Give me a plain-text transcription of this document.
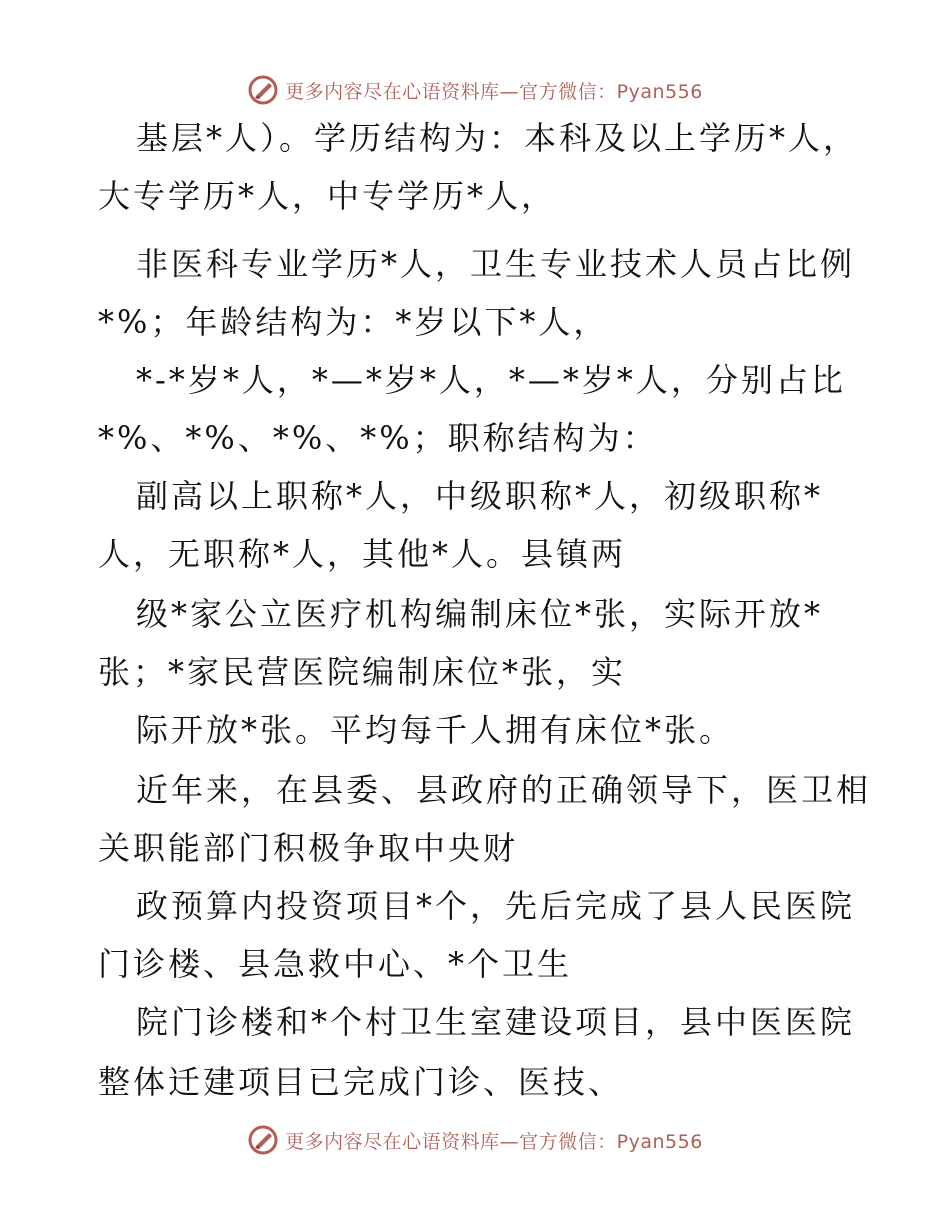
更多内容尽在心语资料库—官方微信：Pyan556
基层*人）。学历结构为：本科及以上学历*人，
大专学历*人，中专学历*人，
非医科专业学历*人，卫生专业技术人员占比例
*%；年龄结构为：*岁以下*人，
*-*岁*人，*—*岁*人，*—*岁*人，分别占比
*%、*%、*%、*%；职称结构为：
副高以上职称*人，中级职称*人，初级职称*
人，无职称*人，其他*人。县镇两
级*家公立医疗机构编制床位*张，实际开放*
张；*家民营医院编制床位*张，实
际开放*张。平均每千人拥有床位*张。
近年来，在县委、县政府的正确领导下，医卫相
关职能部门积极争取中央财
政预算内投资项目*个，先后完成了县人民医院
门诊楼、县急救中心、*个卫生
院门诊楼和*个村卫生室建设项目，县中医医院
整体迁建项目已完成门诊、医技、
更多内容尽在心语资料库—官方微信：Pyan556
